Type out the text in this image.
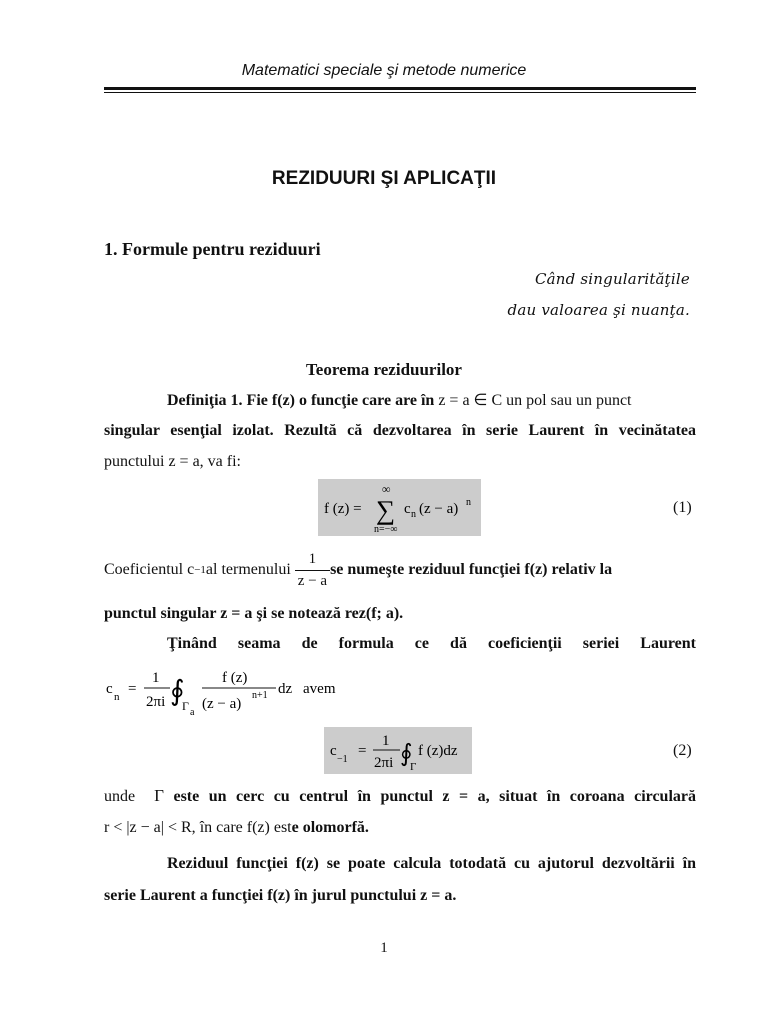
Matematici speciale şi metode numerice
REZIDUURI ŞI APLICAŢII
1. Formule pentru reziduuri
Când singularităţile
dau valoarea şi nuanţa.
Teorema reziduurilor
Definiţia 1. Fie f(z) o funcţie care are în z = a ∈ C un pol sau un punct
singular esenţial izolat. Rezultă că dezvoltarea în serie Laurent în vecinătatea
punctului z = a, va fi:
f (z) =
∞
∑
n=−∞
c n (z − a) n	(1)
Coeficientul
c −1 al termenului
$\frac{1}{z - a}$ se numeşte reziduul funcţiei f(z) relativ la
punctul singular z = a şi se notează rez(f; a).
Ţinând seama de formula ce dă coeficienţii seriei Laurent
c n =
1
2πi ∮
Γ a
f (z)
(z − a)
n+1 dz avem
c
−1
=
1
2πi ∮
Γ
f (z)dz	(2)
unde Γ este un cerc cu centrul în punctul z = a, situat în coroana circulară
r < |z − a| < R, în care f(z) este olomorfă.
Reziduul funcţiei f(z) se poate calcula totodată cu ajutorul dezvoltării în
serie Laurent a funcţiei f(z) în jurul punctului z = a.
1
